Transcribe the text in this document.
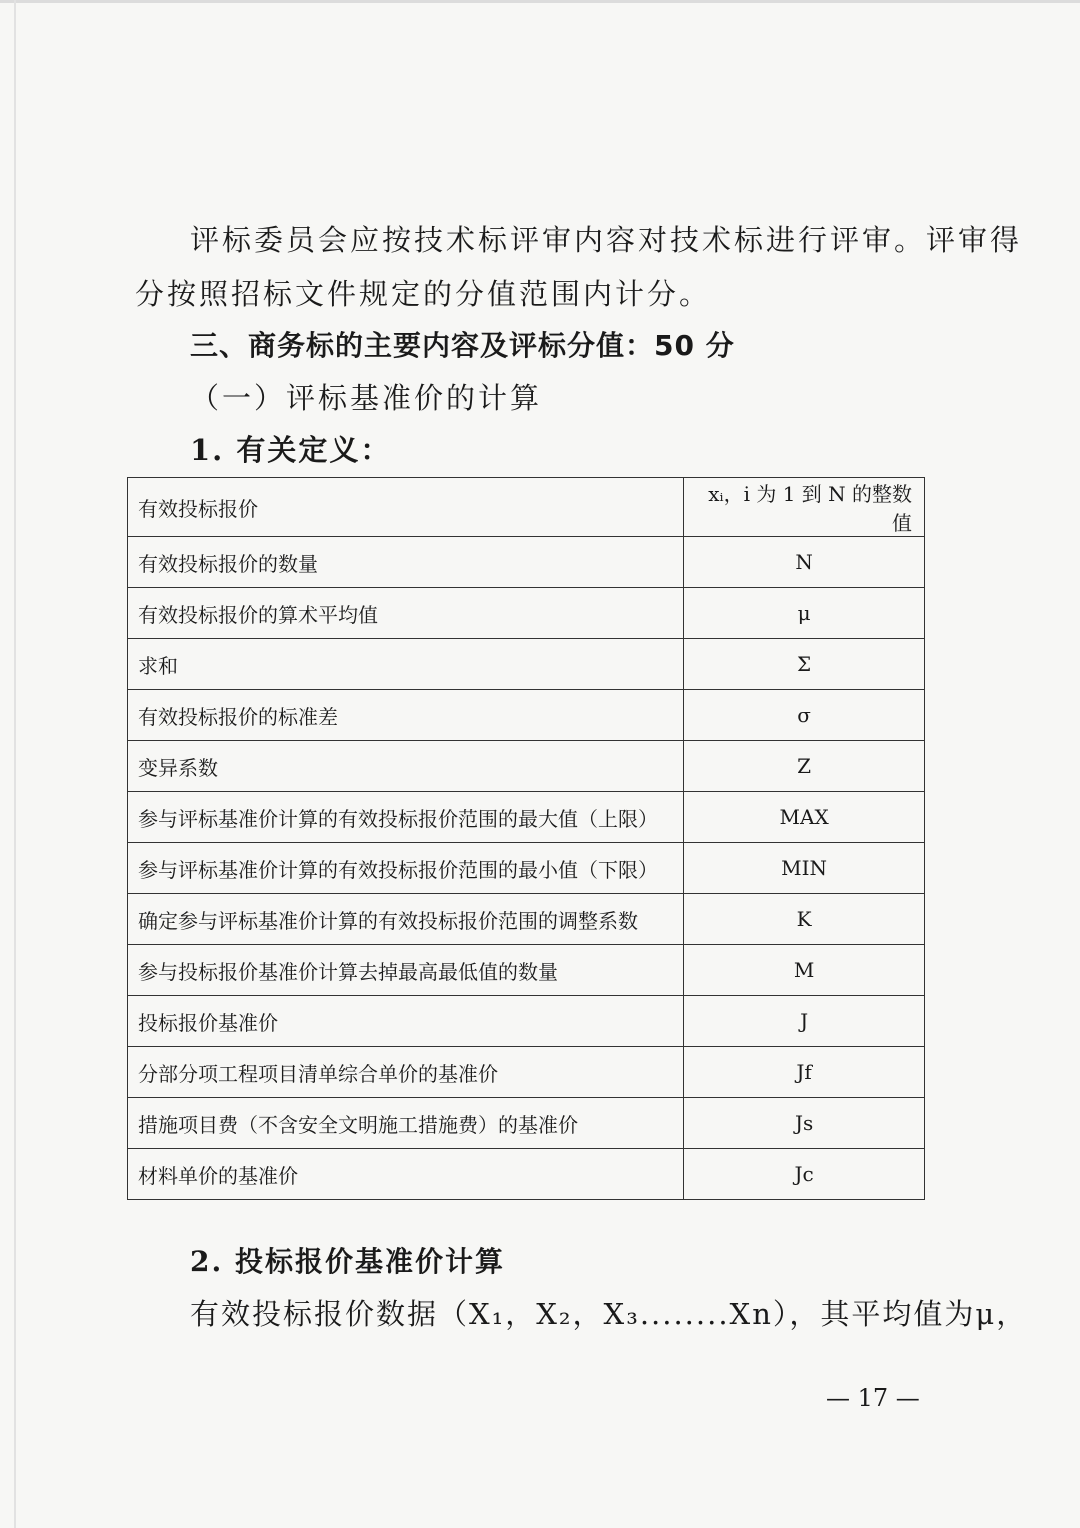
评标委员会应按技术标评审内容对技术标进行评审。评审得
分按照招标文件规定的分值范围内计分。
三、商务标的主要内容及评标分值：50 分
（一）评标基准价的计算
1. 有关定义：
有效投标报价	xᵢ，i 为 1 到 N 的整数值
有效投标报价的数量	N
有效投标报价的算术平均值	μ
求和	Σ
有效投标报价的标准差	σ
变异系数	Z
参与评标基准价计算的有效投标报价范围的最大值（上限）	MAX
参与评标基准价计算的有效投标报价范围的最小值（下限）	MIN
确定参与评标基准价计算的有效投标报价范围的调整系数	K
参与投标报价基准价计算去掉最高最低值的数量	M
投标报价基准价	J
分部分项工程项目清单综合单价的基准价	Jf
措施项目费（不含安全文明施工措施费）的基准价	Js
材料单价的基准价	Jc
2. 投标报价基准价计算
有效投标报价数据（X₁，X₂，X₃........Xn），其平均值为μ，
— 17 —
